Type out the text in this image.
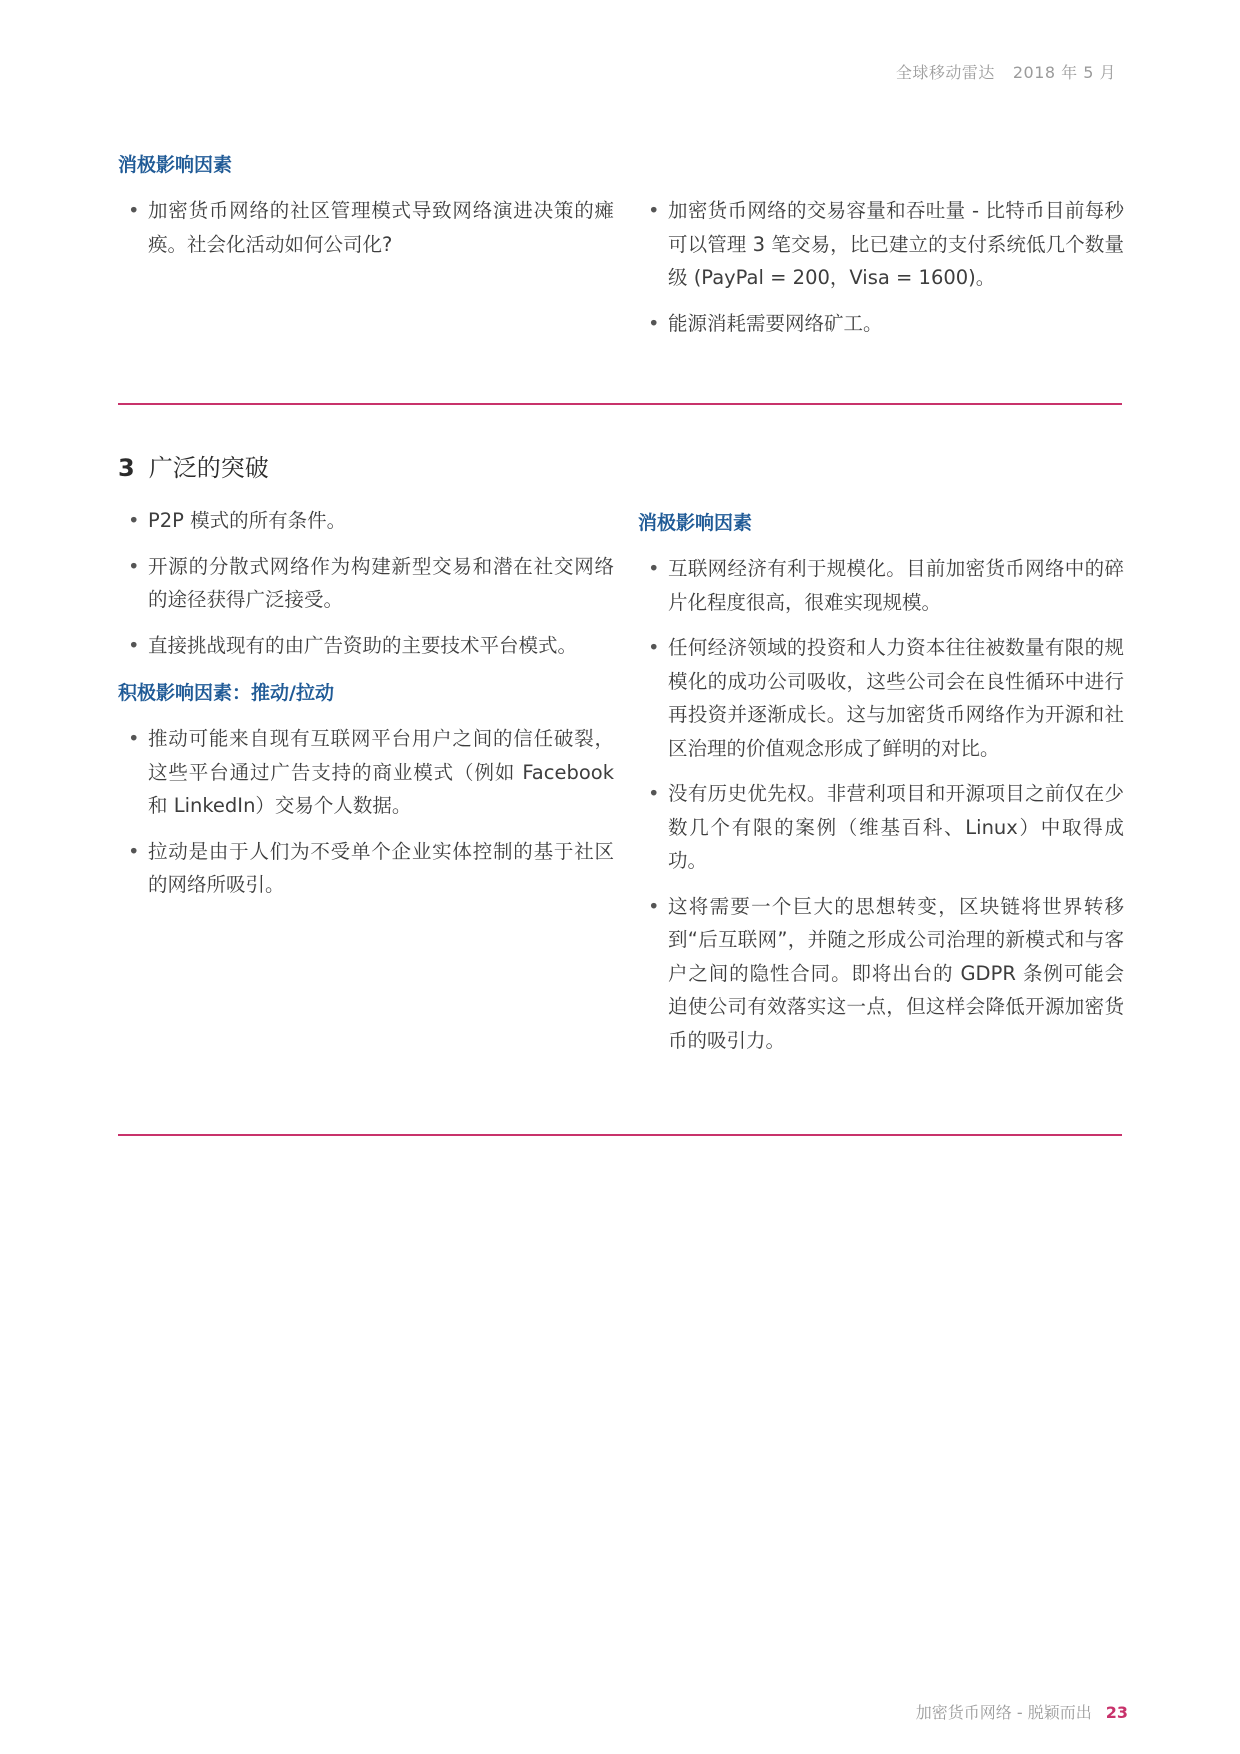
全球移动雷达 2018 年 5 月
消极影响因素
• 加密货币网络的社区管理模式导致网络演进决策的瘫痪。社会化活动如何公司化?
• 加密货币网络的交易容量和吞吐量 - 比特币目前每秒可以管理 3 笔交易，比已建立的支付系统低几个数量级 (PayPal = 200，Visa = 1600)。
• 能源消耗需要网络矿工。
3 广泛的突破
• P2P 模式的所有条件。
• 开源的分散式网络作为构建新型交易和潜在社交网络的途径获得广泛接受。
• 直接挑战现有的由广告资助的主要技术平台模式。
积极影响因素：推动/拉动
• 推动可能来自现有互联网平台用户之间的信任破裂，这些平台通过广告支持的商业模式（例如 Facebook 和 LinkedIn）交易个人数据。
• 拉动是由于人们为不受单个企业实体控制的基于社区的网络所吸引。
消极影响因素
• 互联网经济有利于规模化。目前加密货币网络中的碎片化程度很高，很难实现规模。
• 任何经济领域的投资和人力资本往往被数量有限的规模化的成功公司吸收，这些公司会在良性循环中进行再投资并逐渐成长。这与加密货币网络作为开源和社区治理的价值观念形成了鲜明的对比。
• 没有历史优先权。非营利项目和开源项目之前仅在少数几个有限的案例（维基百科、Linux）中取得成功。
• 这将需要一个巨大的思想转变，区块链将世界转移到“后互联网”，并随之形成公司治理的新模式和与客户之间的隐性合同。即将出台的 GDPR 条例可能会迫使公司有效落实这一点，但这样会降低开源加密货币的吸引力。
加密货币网络 - 脱颖而出 23
